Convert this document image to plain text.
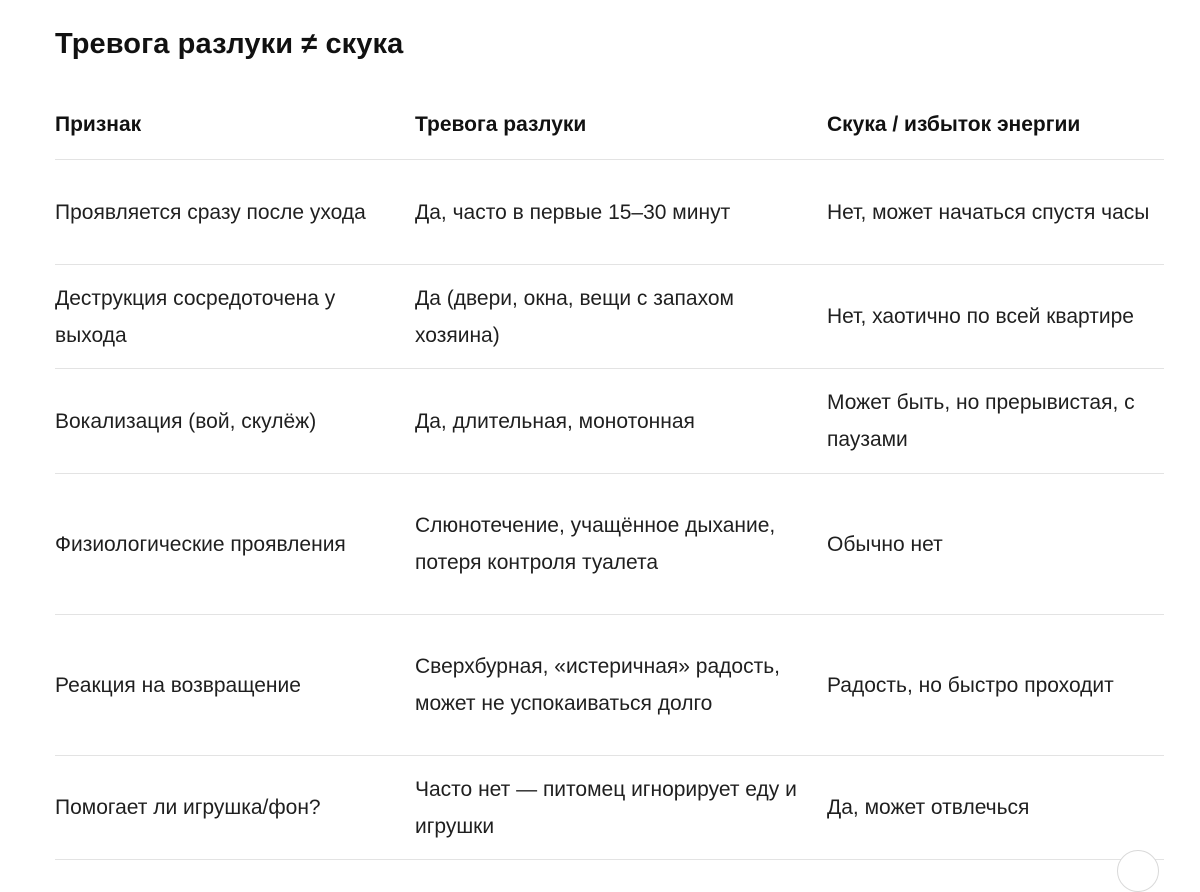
Тревога разлуки ≠ скука
Признак	Тревога разлуки	Скука / избыток энергии

Проявляется сразу после ухода	Да, часто в первые 15–30 минут	Нет, может начаться спустя часы

Деструкция сосредоточена у выхода	Да (двери, окна, вещи с запахом хозяина)	Нет, хаотично по всей квартире

Вокализация (вой, скулёж)	Да, длительная, монотонная	Может быть, но прерывистая, с паузами

Физиологические проявления	Слюнотечение, учащённое дыхание, потеря контроля туалета	Обычно нет

Реакция на возвращение	Сверхбурная, «истеричная» радость, может не успокаиваться долго	Радость, но быстро проходит

Помогает ли игрушка/фон?	Часто нет — питомец игнорирует еду и игрушки	Да, может отвлечься
